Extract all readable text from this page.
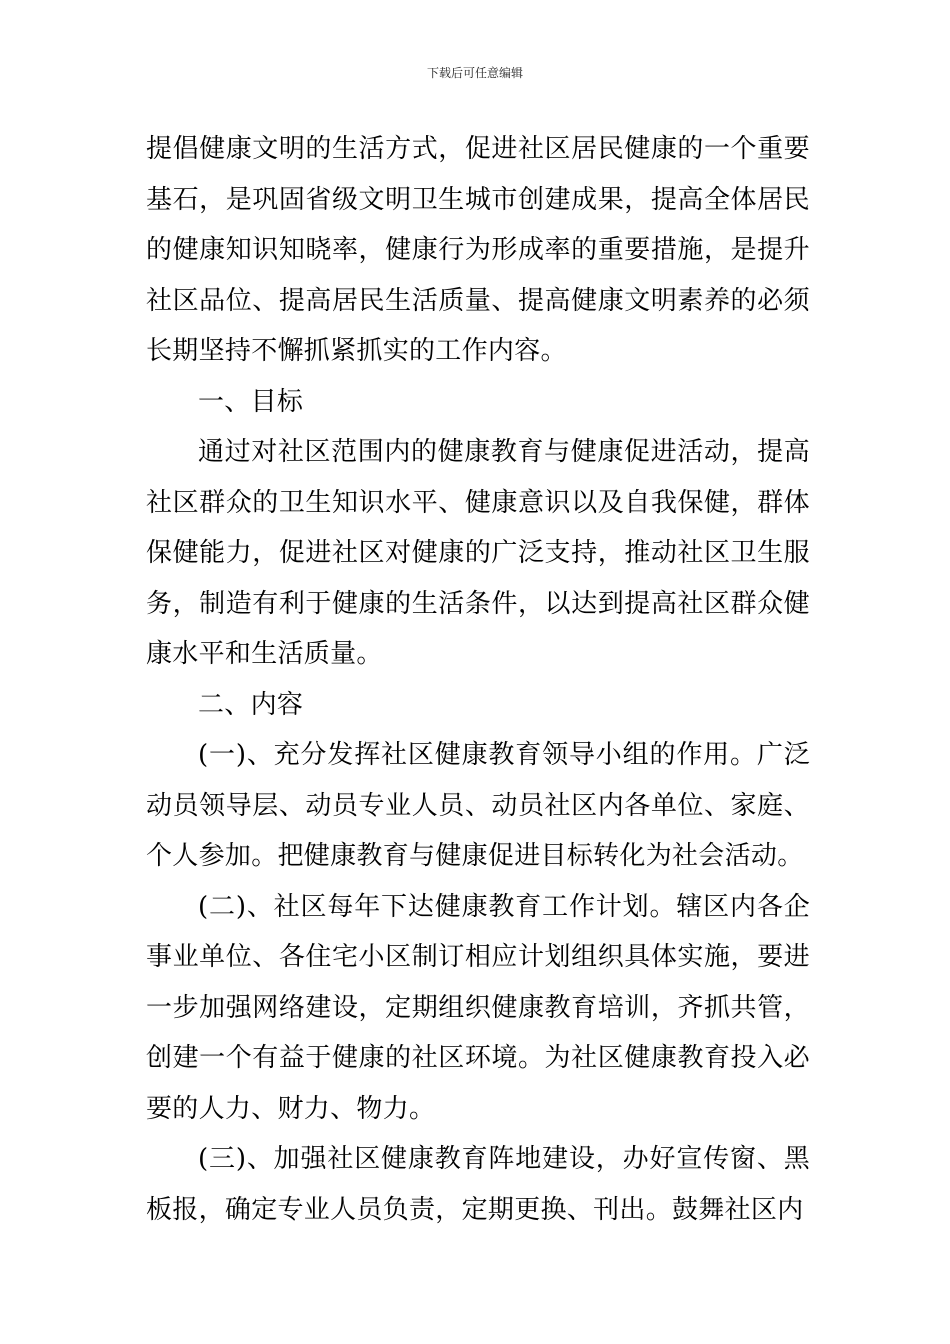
下载后可任意编辑

提倡健康文明的生活方式，促进社区居民健康的一个重要基石，是巩固省级文明卫生城市创建成果，提高全体居民的健康知识知晓率，健康行为形成率的重要措施，是提升社区品位、提高居民生活质量、提高健康文明素养的必须长期坚持不懈抓紧抓实的工作内容。

一、目标

通过对社区范围内的健康教育与健康促进活动，提高社区群众的卫生知识水平、健康意识以及自我保健，群体保健能力，促进社区对健康的广泛支持，推动社区卫生服务，制造有利于健康的生活条件，以达到提高社区群众健康水平和生活质量。

二、内容

(一)、充分发挥社区健康教育领导小组的作用。广泛动员领导层、动员专业人员、动员社区内各单位、家庭、个人参加。把健康教育与健康促进目标转化为社会活动。

(二)、社区每年下达健康教育工作计划。辖区内各企事业单位、各住宅小区制订相应计划组织具体实施，要进一步加强网络建设，定期组织健康教育培训，齐抓共管，创建一个有益于健康的社区环境。为社区健康教育投入必要的人力、财力、物力。

(三)、加强社区健康教育阵地建设，办好宣传窗、黑板报，确定专业人员负责，定期更换、刊出。鼓舞社区内
